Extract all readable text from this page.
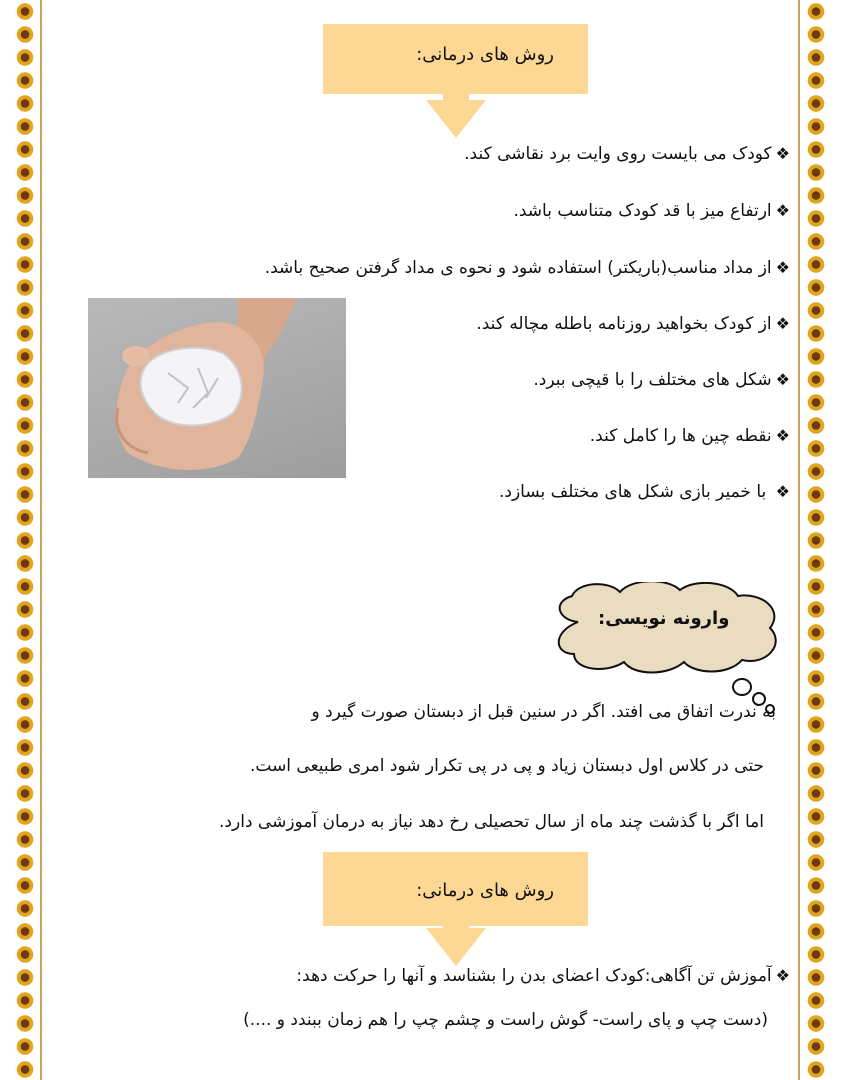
روش های درمانی:
❖کودک می بایست روی وایت برد نقاشی کند.
❖ارتفاع میز با قد کودک متناسب باشد.
❖از مداد مناسب(باریکتر) استفاده شود و نحوه ی مداد گرفتن صحیح باشد.
❖از کودک بخواهید روزنامه باطله مچاله کند.
❖شکل های مختلف را با قیچی ببرد.
❖نقطه چین ها را کامل کند.
❖ با خمیر بازی شکل های مختلف بسازد.
وارونه نویسی:
به ندرت اتفاق می افتد. اگر در سنین قبل از دبستان صورت گیرد و
حتی در کلاس اول دبستان زیاد و پی در پی تکرار شود امری طبیعی است.
اما اگر با گذشت چند ماه از سال تحصیلی رخ دهد نیاز به درمان آموزشی دارد.
روش های درمانی:
❖آموزش تن آگاهی:کودک اعضای بدن را بشناسد و آنها را حرکت دهد:
(دست چپ و پای راست- گوش راست و چشم چپ را هم زمان ببندد و ....)
